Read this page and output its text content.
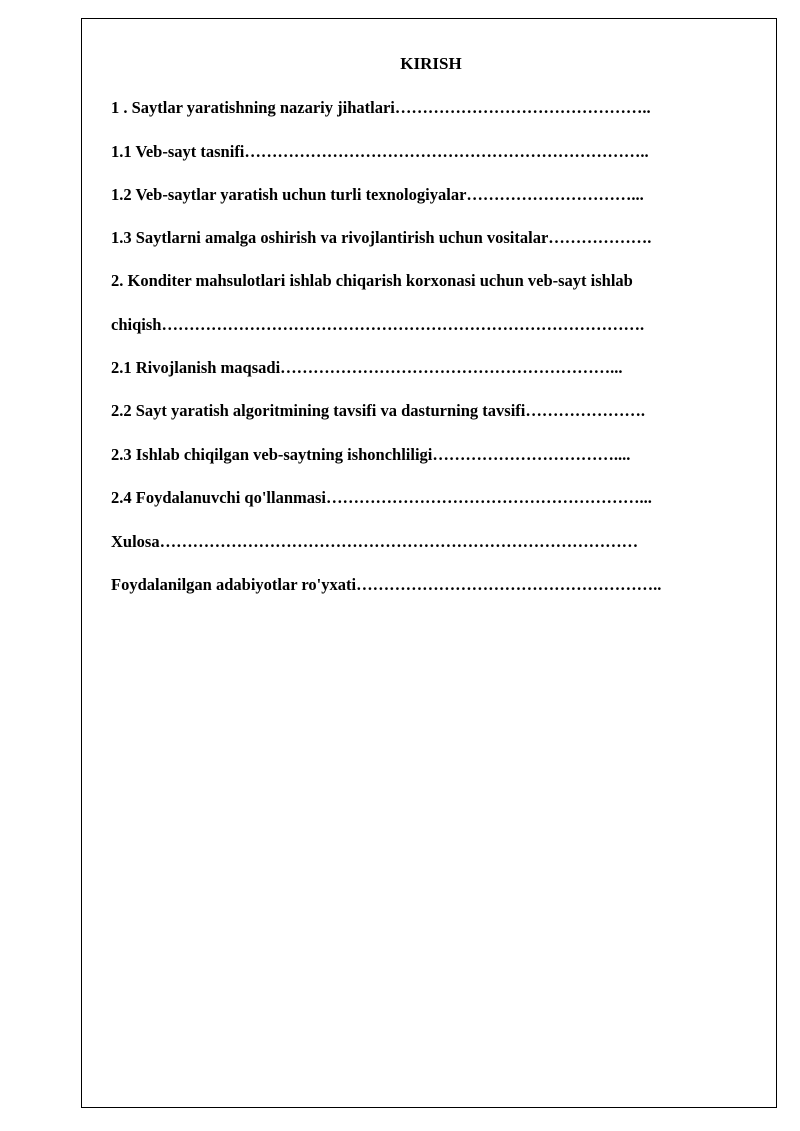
KIRISH
1 . Saytlar yaratishning nazariy jihatlari………………………………………..
1.1 Veb-sayt tasnifi………………………………………………………………..
1.2 Veb-saytlar yaratish uchun turli texnologiyalar…………………………...
1.3 Saytlarni amalga oshirish va rivojlantirish uchun vositalar……………….
2. Konditer mahsulotlari ishlab chiqarish korxonasi uchun veb-sayt ishlab
chiqish…………………………………………………………………………….
2.1 Rivojlanish maqsadi……………………………………………………...
2.2 Sayt yaratish algoritmining tavsifi va dasturning tavsifi………………….
2.3 Ishlab chiqilgan veb-saytning ishonchliligi……………………………....
2.4 Foydalanuvchi qo'llanmasi…………………………………………………...
Xulosa……………………………………………………………………………
Foydalanilgan adabiyotlar ro'yxati………………………………………………..
